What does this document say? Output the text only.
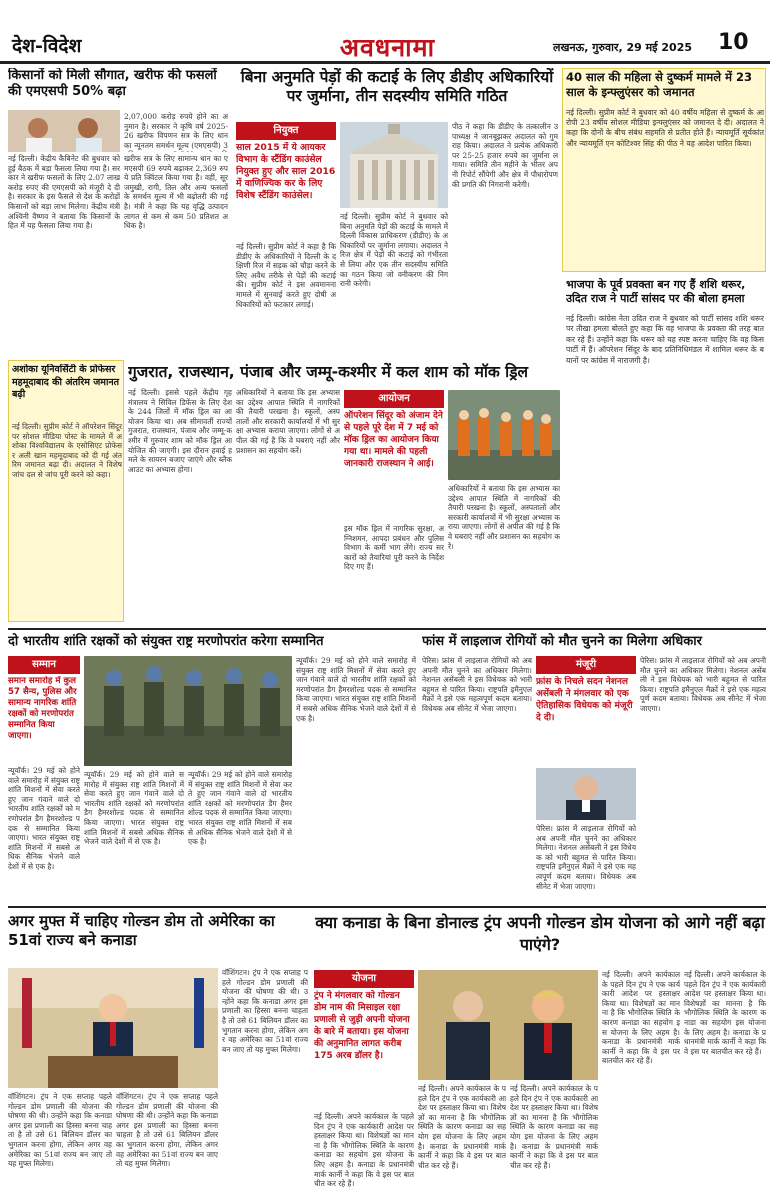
देश-विदेश	अवधनामा	लखनऊ, गुरुवार, 29 मई 2025 10
किसानों को मिली सौगात, खरीफ की फसलों की एमएसपी 50% बढ़ा
2,07,000 करोड़ रुपये होने का अनुमान है। सरकार ने कृषि वर्ष 2025-26 खरीफ विपणन सत्र के लिए धान का न्यूनतम समर्थन मूल्य (एमएसपी) 3
नई दिल्ली। केंद्रीय कैबिनेट की बुधवार को हुई बैठक में बड़ा फैसला लिया गया है। सरकार ने खरीफ फसलों के लिए 2.07 लाख करोड़ रुपए की एमएसपी को मंजूरी दे दी है। सरकार के इस फैसले से देश के करोड़ों किसानों को बड़ा लाभ मिलेगा। केंद्रीय मंत्री अश्विनी वैष्णव ने बताया कि किसानों के हित में यह फैसला लिया गया है।
खरीफ सत्र के लिए सामान्य धान का एमएसपी 69 रुपये बढ़ाकर 2,369 रुपये प्रति क्विंटल किया गया है। वहीं, सूरजमुखी, रागी, तिल और अन्य फसलों के समर्थन मूल्य में भी बढ़ोतरी की गई है। मंत्री ने कहा कि यह वृद्धि उत्पादन लागत से कम से कम 50 प्रतिशत अधिक है।
बिना अनुमति पेड़ों की कटाई के लिए डीडीए अधिकारियों पर जुर्माना, तीन सदस्यीय समिति गठित
नियुक्त
साल 2015 में ये आयकर विभाग के स्टैंडिंग काउंसेल नियुक्त हुए और साल 2016 में वाणिज्यिक कर के लिए विशेष स्टैंडिंग काउंसेल।
नई दिल्ली। सुप्रीम कोर्ट ने कहा है कि डीडीए के अधिकारियों ने दिल्ली के दक्षिणी रिज में सड़क को चौड़ा करने के लिए अवैध तरीके से पेड़ों की कटाई की। सुप्रीम कोर्ट ने इस अवमानना मामले में सुनवाई करते हुए दोषी अधिकारियों को फटकार लगाई।
नई दिल्ली। सुप्रीम कोर्ट ने बुधवार को बिना अनुमति पेड़ों की कटाई के मामले में दिल्ली विकास प्राधिकरण (डीडीए) के अधिकारियों पर जुर्माना लगाया। अदालत ने रिज क्षेत्र में पेड़ों की कटाई को गंभीरता से लिया और एक तीन सदस्यीय समिति का गठन किया जो वनीकरण की निगरानी करेगी।
पीठ ने कहा कि डीडीए के तत्कालीन उपाध्यक्ष ने जानबूझकर अदालत को गुमराह किया। अदालत ने प्रत्येक अधिकारी पर 25-25 हजार रुपये का जुर्माना लगाया। समिति तीन महीने के भीतर अपनी रिपोर्ट सौंपेगी और क्षेत्र में पौधारोपण की प्रगति की निगरानी करेगी।
40 साल की महिला से दुष्कर्म मामले में 23 साल के इन्फ्लुएंसर को जमानत
नई दिल्ली। सुप्रीम कोर्ट ने बुधवार को 40 वर्षीय महिला से दुष्कर्म के आरोपी 23 वर्षीय सोशल मीडिया इन्फ्लुएंसर को जमानत दे दी। अदालत ने कहा कि दोनों के बीच संबंध सहमति से प्रतीत होते हैं। न्यायमूर्ति सूर्यकांत और न्यायमूर्ति एन कोटिश्वर सिंह की पीठ ने यह आदेश पारित किया।
भाजपा के पूर्व प्रवक्ता बन गए हैं शशि थरूर, उदित राज ने पार्टी सांसद पर की बोला हमला
नई दिल्ली। कांग्रेस नेता उदित राज ने बुधवार को पार्टी सांसद शशि थरूर पर तीखा हमला बोलते हुए कहा कि वह भाजपा के प्रवक्ता की तरह बात कर रहे हैं। उन्होंने कहा कि थरूर को यह स्पष्ट करना चाहिए कि वह किस पार्टी में हैं। ऑपरेशन सिंदूर के बाद प्रतिनिधिमंडल में शामिल थरूर के बयानों पर कांग्रेस में नाराजगी है।
अशोका यूनिवर्सिटी के प्रोफेसर महमूदाबाद की अंतरिम जमानत बढ़ी
नई दिल्ली। सुप्रीम कोर्ट ने ऑपरेशन सिंदूर पर सोशल मीडिया पोस्ट के मामले में अशोका विश्वविद्यालय के एसोसिएट प्रोफेसर अली खान महमूदाबाद को दी गई अंतरिम जमानत बढ़ा दी। अदालत ने विशेष जांच दल से जांच पूरी करने को कहा।
गुजरात, राजस्थान, पंजाब और जम्मू-कश्मीर में कल शाम को मॉक ड्रिल
नई दिल्ली। इससे पहले केंद्रीय गृह मंत्रालय ने सिविल डिफेंस के लिए देश के 244 जिलों में मॉक ड्रिल का आयोजन किया था। अब सीमावर्ती राज्यों गुजरात, राजस्थान, पंजाब और जम्मू-कश्मीर में गुरुवार शाम को मॉक ड्रिल आयोजित की जाएगी। इस दौरान हवाई हमले के सायरन बजाए जाएंगे और ब्लैकआउट का अभ्यास होगा।
अधिकारियों ने बताया कि इस अभ्यास का उद्देश्य आपात स्थिति में नागरिकों की तैयारी परखना है। स्कूलों, अस्पतालों और सरकारी कार्यालयों में भी सुरक्षा अभ्यास कराया जाएगा। लोगों से अपील की गई है कि वे घबराएं नहीं और प्रशासन का सहयोग करें।
आयोजन
ऑपरेशन सिंदूर को अंजाम देने से पहले पूरे देश में 7 मई को मॉक ड्रिल का आयोजन किया गया था। मामले की पहली जानकारी राजस्थान ने आई।
इस मॉक ड्रिल में नागरिक सुरक्षा, अग्निशमन, आपदा प्रबंधन और पुलिस विभाग के कर्मी भाग लेंगे। राज्य सरकारों को तैयारियां पूरी करने के निर्देश दिए गए हैं।
अधिकारियों ने बताया कि इस अभ्यास का उद्देश्य आपात स्थिति में नागरिकों की तैयारी परखना है। स्कूलों, अस्पतालों और सरकारी कार्यालयों में भी सुरक्षा अभ्यास कराया जाएगा। लोगों से अपील की गई है कि वे घबराएं नहीं और प्रशासन का सहयोग करें।
दो भारतीय शांति रक्षकों को संयुक्त राष्ट्र मरणोपरांत करेगा सम्मानित
सम्मान
समान समारोह में कुल 57 सैन्य, पुलिस और सामान्य नागरिक शांति रक्षकों को मरणोपरांत सम्मानित किया जाएगा।
न्यूयॉर्क। 29 मई को होने वाले समारोह में संयुक्त राष्ट्र शांति मिशनों में सेवा करते हुए जान गंवाने वाले दो भारतीय शांति रक्षकों को मरणोपरांत डैग हैमरशोल्ड पदक से सम्मानित किया जाएगा। भारत संयुक्त राष्ट्र शांति मिशनों में सबसे अधिक सैनिक भेजने वाले देशों में से एक है।
न्यूयॉर्क। 29 मई को होने वाले समारोह में संयुक्त राष्ट्र शांति मिशनों में सेवा करते हुए जान गंवाने वाले दो भारतीय शांति रक्षकों को मरणोपरांत डैग हैमरशोल्ड पदक से सम्मानित किया जाएगा। भारत संयुक्त राष्ट्र शांति मिशनों में सबसे अधिक सैनिक भेजने वाले देशों में से एक है।
न्यूयॉर्क। 29 मई को होने वाले समारोह में संयुक्त राष्ट्र शांति मिशनों में सेवा करते हुए जान गंवाने वाले दो भारतीय शांति रक्षकों को मरणोपरांत डैग हैमरशोल्ड पदक से सम्मानित किया जाएगा। भारत संयुक्त राष्ट्र शांति मिशनों में सबसे अधिक सैनिक भेजने वाले देशों में से एक है।
न्यूयॉर्क। 29 मई को होने वाले समारोह में संयुक्त राष्ट्र शांति मिशनों में सेवा करते हुए जान गंवाने वाले दो भारतीय शांति रक्षकों को मरणोपरांत डैग हैमरशोल्ड पदक से सम्मानित किया जाएगा। भारत संयुक्त राष्ट्र शांति मिशनों में सबसे अधिक सैनिक भेजने वाले देशों में से एक है।
फांस में लाइलाज रोगियों को मौत चुनने का मिलेगा अधिकार
पेरिस। फ्रांस में लाइलाज रोगियों को अब अपनी मौत चुनने का अधिकार मिलेगा। नेशनल असेंबली ने इस विधेयक को भारी बहुमत से पारित किया। राष्ट्रपति इमैनुएल मैक्रों ने इसे एक महत्वपूर्ण कदम बताया। विधेयक अब सीनेट में भेजा जाएगा।
मंजूरी
फ्रांस के निचले सदन नेशनल असेंबली ने मंगलवार को एक ऐतिहासिक विधेयक को मंजूरी दे दी।
पेरिस। फ्रांस में लाइलाज रोगियों को अब अपनी मौत चुनने का अधिकार मिलेगा। नेशनल असेंबली ने इस विधेयक को भारी बहुमत से पारित किया। राष्ट्रपति इमैनुएल मैक्रों ने इसे एक महत्वपूर्ण कदम बताया। विधेयक अब सीनेट में भेजा जाएगा।
पेरिस। फ्रांस में लाइलाज रोगियों को अब अपनी मौत चुनने का अधिकार मिलेगा। नेशनल असेंबली ने इस विधेयक को भारी बहुमत से पारित किया। राष्ट्रपति इमैनुएल मैक्रों ने इसे एक महत्वपूर्ण कदम बताया। विधेयक अब सीनेट में भेजा जाएगा।
अगर मुफ्त में चाहिए गोल्डन डोम तो अमेरिका का 51वां राज्य बने कनाडा
वॉशिंगटन। ट्रंप ने एक सप्ताह पहले गोल्डन डोम प्रणाली की योजना की घोषणा की थी। उन्होंने कहा कि कनाडा अगर इस प्रणाली का हिस्सा बनना चाहता है तो उसे 61 बिलियन डॉलर का भुगतान करना होगा, लेकिन अगर वह अमेरिका का 51वां राज्य बन जाए तो यह मुफ्त मिलेगा।
वॉशिंगटन। ट्रंप ने एक सप्ताह पहले गोल्डन डोम प्रणाली की योजना की घोषणा की थी। उन्होंने कहा कि कनाडा अगर इस प्रणाली का हिस्सा बनना चाहता है तो उसे 61 बिलियन डॉलर का भुगतान करना होगा, लेकिन अगर वह अमेरिका का 51वां राज्य बन जाए तो यह मुफ्त मिलेगा।
वॉशिंगटन। ट्रंप ने एक सप्ताह पहले गोल्डन डोम प्रणाली की योजना की घोषणा की थी। उन्होंने कहा कि कनाडा अगर इस प्रणाली का हिस्सा बनना चाहता है तो उसे 61 बिलियन डॉलर का भुगतान करना होगा, लेकिन अगर वह अमेरिका का 51वां राज्य बन जाए तो यह मुफ्त मिलेगा।
क्या कनाडा के बिना डोनाल्ड ट्रंप अपनी गोल्डन डोम योजना को आगे नहीं बढ़ा पाएंगे?
योजना
ट्रंप ने मंगलवार को गोल्डन डोम नाम की मिसाइल रक्षा प्रणाली से जुड़ी अपनी योजना के बारे में बताया। इस योजना की अनुमानित लागत करीब 175 अरब डॉलर है।
नई दिल्ली। अपने कार्यकाल के पहले दिन ट्रंप ने एक कार्यकारी आदेश पर हस्ताक्षर किया था। विशेषज्ञों का मानना है कि भौगोलिक स्थिति के कारण कनाडा का सहयोग इस योजना के लिए अहम है। कनाडा के प्रधानमंत्री मार्क कार्नी ने कहा कि वे इस पर बातचीत कर रहे हैं।
नई दिल्ली। अपने कार्यकाल के पहले दिन ट्रंप ने एक कार्यकारी आदेश पर हस्ताक्षर किया था। विशेषज्ञों का मानना है कि भौगोलिक स्थिति के कारण कनाडा का सहयोग इस योजना के लिए अहम है। कनाडा के प्रधानमंत्री मार्क कार्नी ने कहा कि वे इस पर बातचीत कर रहे हैं।
नई दिल्ली। अपने कार्यकाल के पहले दिन ट्रंप ने एक कार्यकारी आदेश पर हस्ताक्षर किया था। विशेषज्ञों का मानना है कि भौगोलिक स्थिति के कारण कनाडा का सहयोग इस योजना के लिए अहम है। कनाडा के प्रधानमंत्री मार्क कार्नी ने कहा कि वे इस पर बातचीत कर रहे हैं।
नई दिल्ली। अपने कार्यकाल के पहले दिन ट्रंप ने एक कार्यकारी आदेश पर हस्ताक्षर किया था। विशेषज्ञों का मानना है कि भौगोलिक स्थिति के कारण कनाडा का सहयोग इस योजना के लिए अहम है। कनाडा के प्रधानमंत्री मार्क कार्नी ने कहा कि वे इस पर बातचीत कर रहे हैं।
नई दिल्ली। अपने कार्यकाल के पहले दिन ट्रंप ने एक कार्यकारी आदेश पर हस्ताक्षर किया था। विशेषज्ञों का मानना है कि भौगोलिक स्थिति के कारण कनाडा का सहयोग इस योजना के लिए अहम है। कनाडा के प्रधानमंत्री मार्क कार्नी ने कहा कि वे इस पर बातचीत कर रहे हैं।
